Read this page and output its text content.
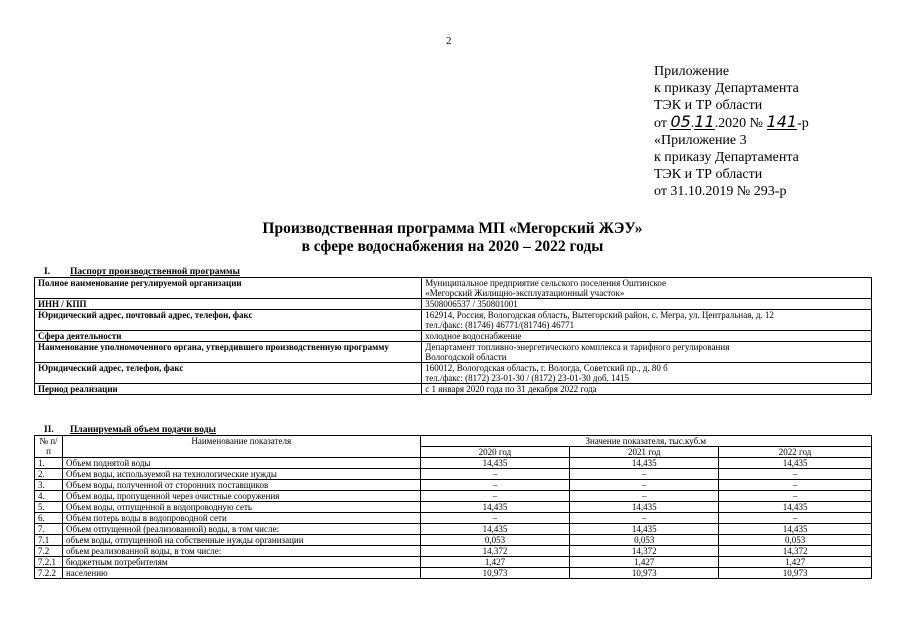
2
Приложение
к приказу Департамента
ТЭК и ТР области
от 05.11.2020 № 141-р
«Приложение 3
к приказу Департамента
ТЭК и ТР области
от 31.10.2019 № 293-р
Производственная программа МП «Мегорский ЖЭУ»
в сфере водоснабжения на 2020 – 2022 годы
I. Паспорт производственной программы
Полное наименование регулируемой организации	Муниципальное предприятие сельского поселения Оштинское
«Мегорский Жилищно-эксплуатационный участок»

ИНН / КПП	3508006537 / 350801001

Юридический адрес, почтовый адрес, телефон, факс	162914, Россия, Вологодская область, Вытегорский район, с. Мегра, ул. Центральная, д. 12
тел./факс: (81746) 46771/(81746) 46771

Сфера деятельности	холодное водоснабжение

Наименование уполномоченного органа, утвердившего производственную программу	Департамент топливно-энергетического комплекса и тарифного регулирования
Вологодской области

Юридический адрес, телефон, факс	160012, Вологодская область, г. Вологда, Советский пр., д. 80 б
тел./факс: (8172) 23-01-30 / (8172) 23-01-30 доб. 1415

Период реализации	с 1 января 2020 года по 31 декабря 2022 года
II. Планируемый объем подачи воды
№ п/п	Наименование показателя	Значение показателя, тыс.куб.м		
		2020 год	2021 год	2022 год
1.	Объем поднятой воды	14,435	14,435	14,435
2.	Объем воды, используемой на технологические нужды	–	–	–
3.	Объем воды, полученной от сторонних поставщиков	–	–	–
4.	Объем воды, пропущенной через очистные сооружения	–	–	–
5.	Объем воды, отпущенной в водопроводную сеть	14,435	14,435	14,435
6.	Объем потерь воды в водопроводной сети	–	–	–
7.	Объем отпущенной (реализованной) воды, в том числе:	14,435	14,435	14,435
7.1	объем воды, отпущенной на собственные нужды организации	0,053	0,053	0,053
7.2	объем реализованной воды, в том числе:	14,372	14,372	14,372
7.2.1	бюджетным потребителям	1,427	1,427	1,427
7.2.2	населению	10,973	10,973	10,973
